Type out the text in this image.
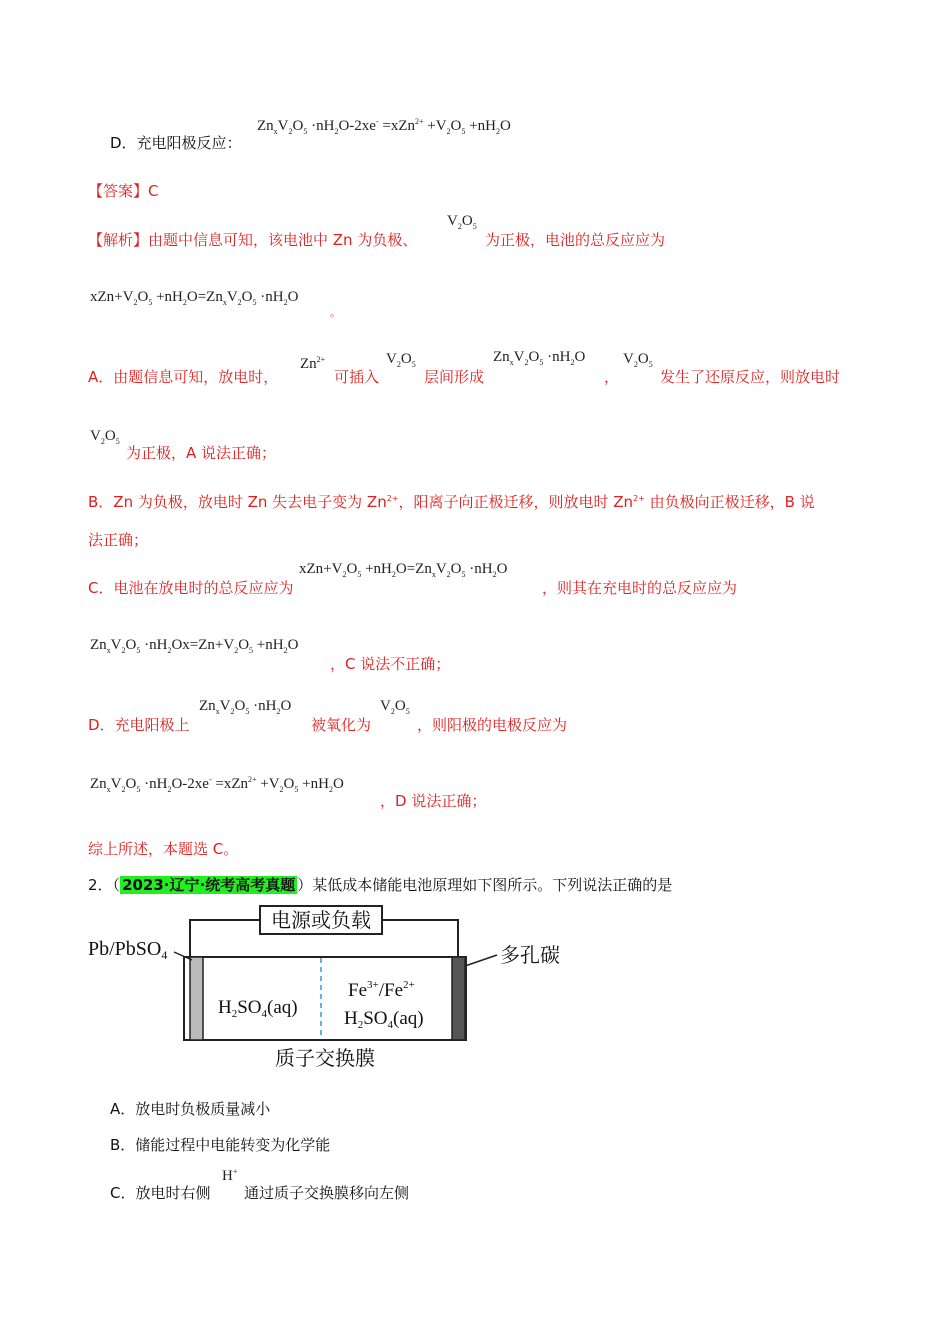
D．充电阳极反应：
$Zn_xV_2O_5 \cdot nH_2O-2xe^- =xZn^{2+} +V_2O_5 +nH_2O$
【答案】C
【解析】由题中信息可知，该电池中 Zn 为负极、
$V_2O_5$
为正极，电池的总反应应为
$xZn+V_2O_5 +nH_2O=Zn_xV_2O_5 \cdot nH_2O$
。
A．由题信息可知，放电时，
$Zn^{2+}$
可插入
$V_2O_5$
层间形成
$Zn_xV_2O_5 \cdot nH_2O$
，
$V_2O_5$
发生了还原反应，则放电时
$V_2O_5$
为正极，A 说法正确；
B．Zn 为负极，放电时 Zn 失去电子变为 $Zn^{2+}$，阳离子向正极迁移，则放电时 $Zn^{2+}$ 由负极向正极迁移，B 说
法正确；
C．电池在放电时的总反应应为
$xZn+V_2O_5 +nH_2O=Zn_xV_2O_5 \cdot nH_2O$
，则其在充电时的总反应应为
$Zn_xV_2O_5 \cdot nH_2Ox=Zn+V_2O_5 +nH_2O$
，C 说法不正确；
D．充电阳极上
$Zn_xV_2O_5 \cdot nH_2O$
被氧化为
$V_2O_5$
，则阳极的电极反应为
$Zn_xV_2O_5 \cdot nH_2O-2xe^- =xZn^{2+} +V_2O_5 +nH_2O$
，D 说法正确；
综上所述，本题选 C。
2．（ 2023·辽宁·统考高考真题 ）某低成本储能电池原理如下图所示。下列说法正确的是
电源或负载
Pb/PbSO$_4$	多孔碳
$H_2SO_4(aq)$
$Fe^{3+}/Fe^{2+}$
$H_2SO_4(aq)$
质子交换膜
A．放电时负极质量减小
B．储能过程中电能转变为化学能
C．放电时右侧
H+
通过质子交换膜移向左侧
